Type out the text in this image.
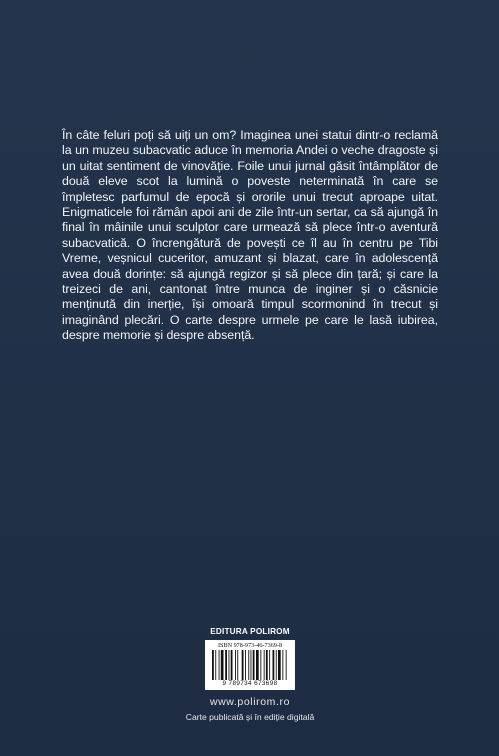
În câte feluri poți să uiți un om? Imaginea unei statui dintr-o reclamă la un muzeu subacvatic aduce în memoria Andei o veche dragoste și un uitat sentiment de vinovăție. Foile unui jurnal găsit întâmplător de două eleve scot la lumină o poveste neterminată în care se împletesc parfumul de epocă și ororile unui trecut aproape uitat. Enigmaticele foi rămân apoi ani de zile într-un sertar, ca să ajungă în final în mâinile unui sculptor care urmează să plece într-o aventură subacvatică. O încrengătură de povești ce îl au în centru pe Tibi Vreme, veșnicul cuceritor, amuzant și blazat, care în adolescență avea două dorințe: să ajungă regizor și să plece din țară; și care la treizeci de ani, cantonat între munca de inginer și o căsnicie menținută din inerție, își omoară timpul scormonind în trecut și imaginând plecări. O carte despre urmele pe care le lasă iubirea, despre memorie și despre absență.

EDITURA POLIROM
ISBN 978-973-46-7369-8
9 789734 673698
www.polirom.ro
Carte publicată și în ediție digitală
